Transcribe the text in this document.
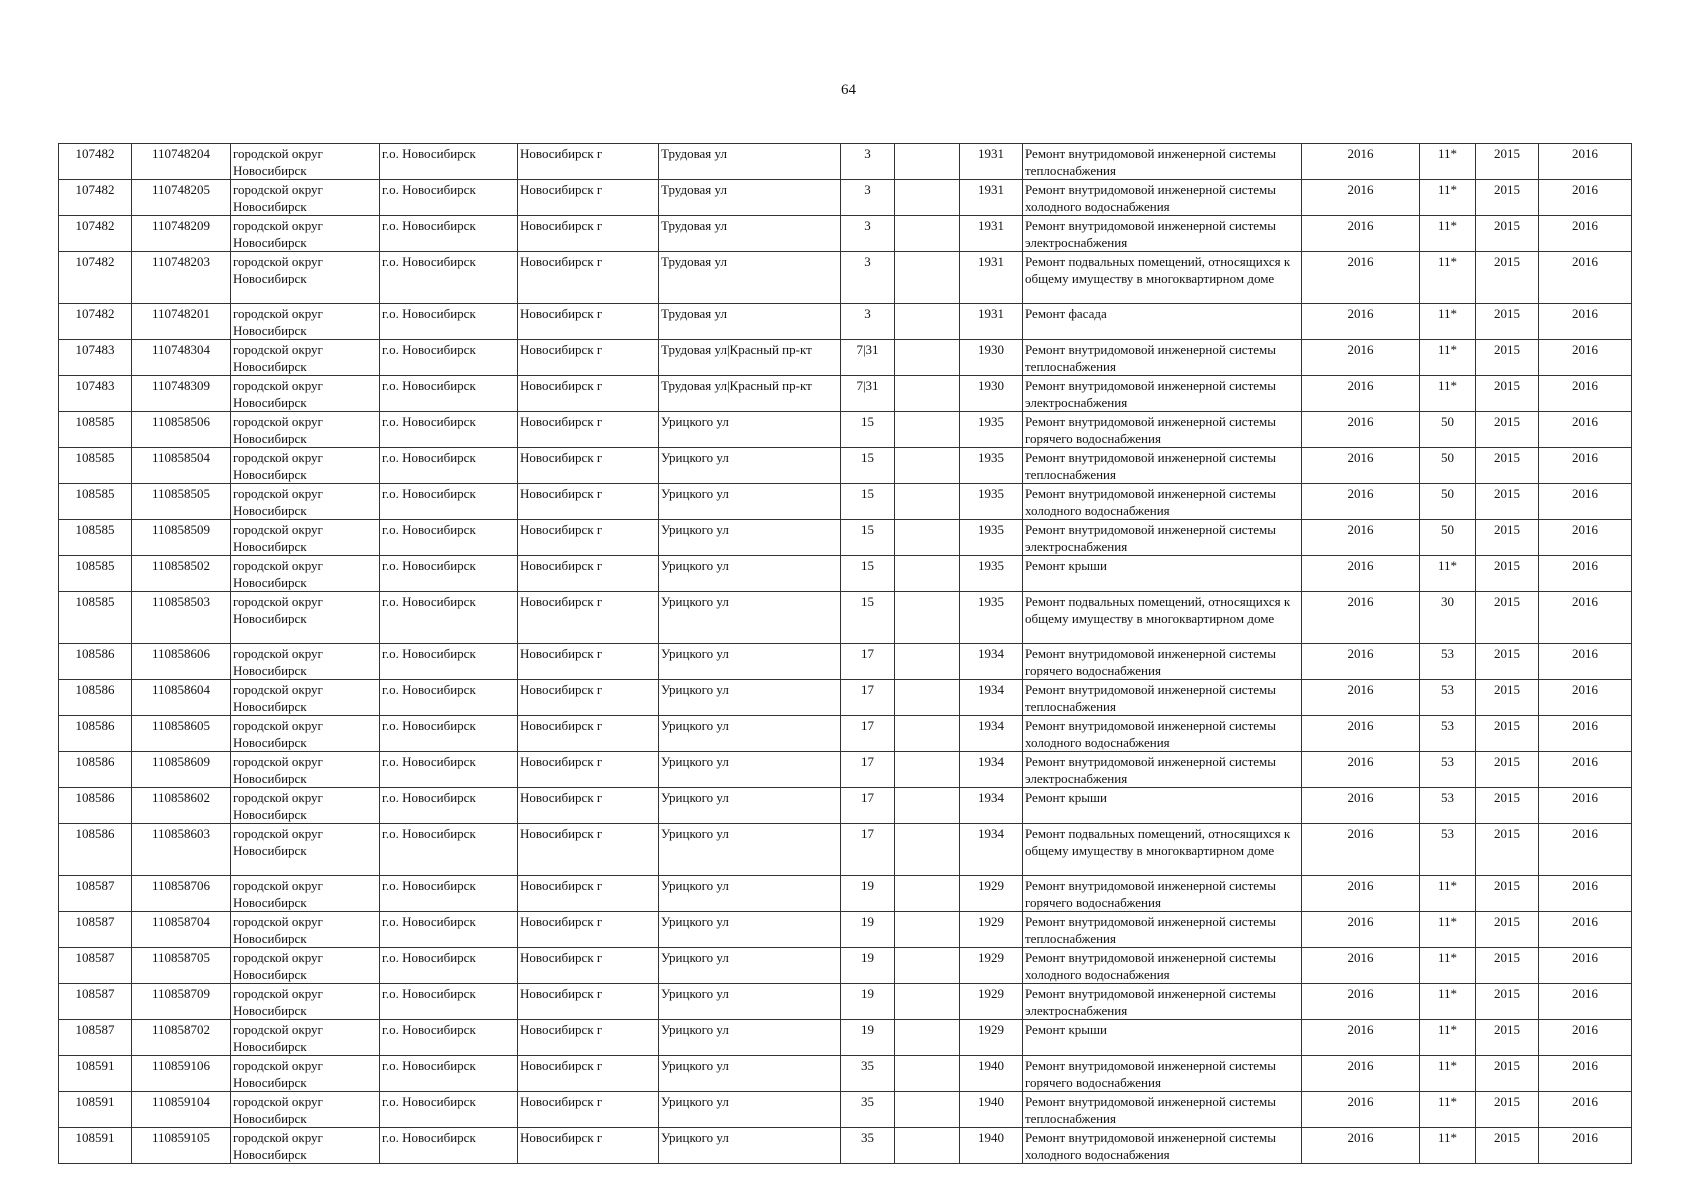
64
107482	110748204	городской округ Новосибирск	г.о. Новосибирск	Новосибирск г	Трудовая ул	3		1931	Ремонт внутридомовой инженерной системы теплоснабжения	2016	11*	2015	2016
107482	110748205	городской округ Новосибирск	г.о. Новосибирск	Новосибирск г	Трудовая ул	3		1931	Ремонт внутридомовой инженерной системы холодного водоснабжения	2016	11*	2015	2016
107482	110748209	городской округ Новосибирск	г.о. Новосибирск	Новосибирск г	Трудовая ул	3		1931	Ремонт внутридомовой инженерной системы электроснабжения	2016	11*	2015	2016
107482	110748203	городской округ Новосибирск	г.о. Новосибирск	Новосибирск г	Трудовая ул	3		1931	Ремонт подвальных помещений, относящихся к общему имуществу в многоквартирном доме	2016	11*	2015	2016
107482	110748201	городской округ Новосибирск	г.о. Новосибирск	Новосибирск г	Трудовая ул	3		1931	Ремонт фасада	2016	11*	2015	2016
107483	110748304	городской округ Новосибирск	г.о. Новосибирск	Новосибирск г	Трудовая ул|Красный пр-кт	7|31		1930	Ремонт внутридомовой инженерной системы теплоснабжения	2016	11*	2015	2016
107483	110748309	городской округ Новосибирск	г.о. Новосибирск	Новосибирск г	Трудовая ул|Красный пр-кт	7|31		1930	Ремонт внутридомовой инженерной системы электроснабжения	2016	11*	2015	2016
108585	110858506	городской округ Новосибирск	г.о. Новосибирск	Новосибирск г	Урицкого ул	15		1935	Ремонт внутридомовой инженерной системы горячего водоснабжения	2016	50	2015	2016
108585	110858504	городской округ Новосибирск	г.о. Новосибирск	Новосибирск г	Урицкого ул	15		1935	Ремонт внутридомовой инженерной системы теплоснабжения	2016	50	2015	2016
108585	110858505	городской округ Новосибирск	г.о. Новосибирск	Новосибирск г	Урицкого ул	15		1935	Ремонт внутридомовой инженерной системы холодного водоснабжения	2016	50	2015	2016
108585	110858509	городской округ Новосибирск	г.о. Новосибирск	Новосибирск г	Урицкого ул	15		1935	Ремонт внутридомовой инженерной системы электроснабжения	2016	50	2015	2016
108585	110858502	городской округ Новосибирск	г.о. Новосибирск	Новосибирск г	Урицкого ул	15		1935	Ремонт крыши	2016	11*	2015	2016
108585	110858503	городской округ Новосибирск	г.о. Новосибирск	Новосибирск г	Урицкого ул	15		1935	Ремонт подвальных помещений, относящихся к общему имуществу в многоквартирном доме	2016	30	2015	2016
108586	110858606	городской округ Новосибирск	г.о. Новосибирск	Новосибирск г	Урицкого ул	17		1934	Ремонт внутридомовой инженерной системы горячего водоснабжения	2016	53	2015	2016
108586	110858604	городской округ Новосибирск	г.о. Новосибирск	Новосибирск г	Урицкого ул	17		1934	Ремонт внутридомовой инженерной системы теплоснабжения	2016	53	2015	2016
108586	110858605	городской округ Новосибирск	г.о. Новосибирск	Новосибирск г	Урицкого ул	17		1934	Ремонт внутридомовой инженерной системы холодного водоснабжения	2016	53	2015	2016
108586	110858609	городской округ Новосибирск	г.о. Новосибирск	Новосибирск г	Урицкого ул	17		1934	Ремонт внутридомовой инженерной системы электроснабжения	2016	53	2015	2016
108586	110858602	городской округ Новосибирск	г.о. Новосибирск	Новосибирск г	Урицкого ул	17		1934	Ремонт крыши	2016	53	2015	2016
108586	110858603	городской округ Новосибирск	г.о. Новосибирск	Новосибирск г	Урицкого ул	17		1934	Ремонт подвальных помещений, относящихся к общему имуществу в многоквартирном доме	2016	53	2015	2016
108587	110858706	городской округ Новосибирск	г.о. Новосибирск	Новосибирск г	Урицкого ул	19		1929	Ремонт внутридомовой инженерной системы горячего водоснабжения	2016	11*	2015	2016
108587	110858704	городской округ Новосибирск	г.о. Новосибирск	Новосибирск г	Урицкого ул	19		1929	Ремонт внутридомовой инженерной системы теплоснабжения	2016	11*	2015	2016
108587	110858705	городской округ Новосибирск	г.о. Новосибирск	Новосибирск г	Урицкого ул	19		1929	Ремонт внутридомовой инженерной системы холодного водоснабжения	2016	11*	2015	2016
108587	110858709	городской округ Новосибирск	г.о. Новосибирск	Новосибирск г	Урицкого ул	19		1929	Ремонт внутридомовой инженерной системы электроснабжения	2016	11*	2015	2016
108587	110858702	городской округ Новосибирск	г.о. Новосибирск	Новосибирск г	Урицкого ул	19		1929	Ремонт крыши	2016	11*	2015	2016
108591	110859106	городской округ Новосибирск	г.о. Новосибирск	Новосибирск г	Урицкого ул	35		1940	Ремонт внутридомовой инженерной системы горячего водоснабжения	2016	11*	2015	2016
108591	110859104	городской округ Новосибирск	г.о. Новосибирск	Новосибирск г	Урицкого ул	35		1940	Ремонт внутридомовой инженерной системы теплоснабжения	2016	11*	2015	2016
108591	110859105	городской округ Новосибирск	г.о. Новосибирск	Новосибирск г	Урицкого ул	35		1940	Ремонт внутридомовой инженерной системы холодного водоснабжения	2016	11*	2015	2016
